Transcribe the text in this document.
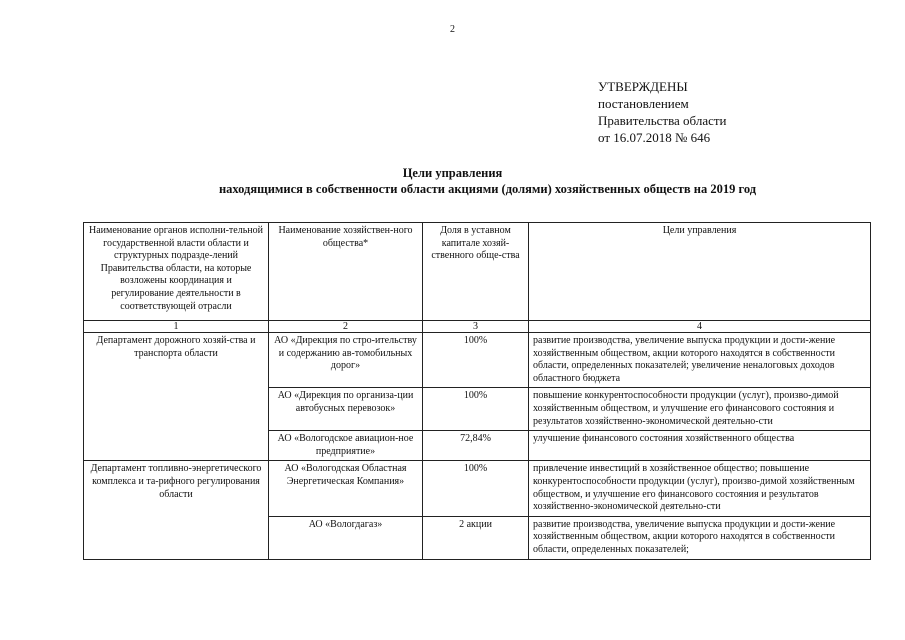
2
УТВЕРЖДЕНЫ
постановлением
Правительства области
от 16.07.2018 № 646
Цели управления
находящимися в собственности области акциями (долями) хозяйственных обществ на 2019 год
Наименование органов исполни-тельной государственной власти области и структурных подразде-лений Правительства области, на которые возложены координация и регулирование деятельности в соответствующей отрасли	Наименование хозяйствен-ного общества*	Доля в уставном капитале хозяй-ственного обще-ства	Цели управления
1	2	3	4
Департамент дорожного хозяй-ства и транспорта области	АО «Дирекция по стро-ительству и содержанию ав-томобильных дорог»	100%	развитие производства, увеличение выпуска продукции и дости-жение хозяйственным обществом, акции которого находятся в собственности области, определенных показателей; увеличение неналоговых доходов областного бюджета
	АО «Дирекция по организа-ции автобусных перевозок»	100%	повышение конкурентоспособности продукции (услуг), произво-димой хозяйственным обществом, и улучшение его финансового состояния и результатов хозяйственно-экономической деятельно-сти
	АО «Вологодское авиацион-ное предприятие»	72,84%	улучшение финансового состояния хозяйственного общества
Департамент топливно-энергетического комплекса и та-рифного регулирования области	АО «Вологодская Областная Энергетическая Компания»	100%	привлечение инвестиций в хозяйственное общество; повышение конкурентоспособности продукции (услуг), произво-димой хозяйственным обществом, и улучшение его финансового состояния и результатов хозяйственно-экономической деятельно-сти
	АО «Вологдагаз»	2 акции	развитие производства, увеличение выпуска продукции и дости-жение хозяйственным обществом, акции которого находятся в собственности области, определенных показателей;
